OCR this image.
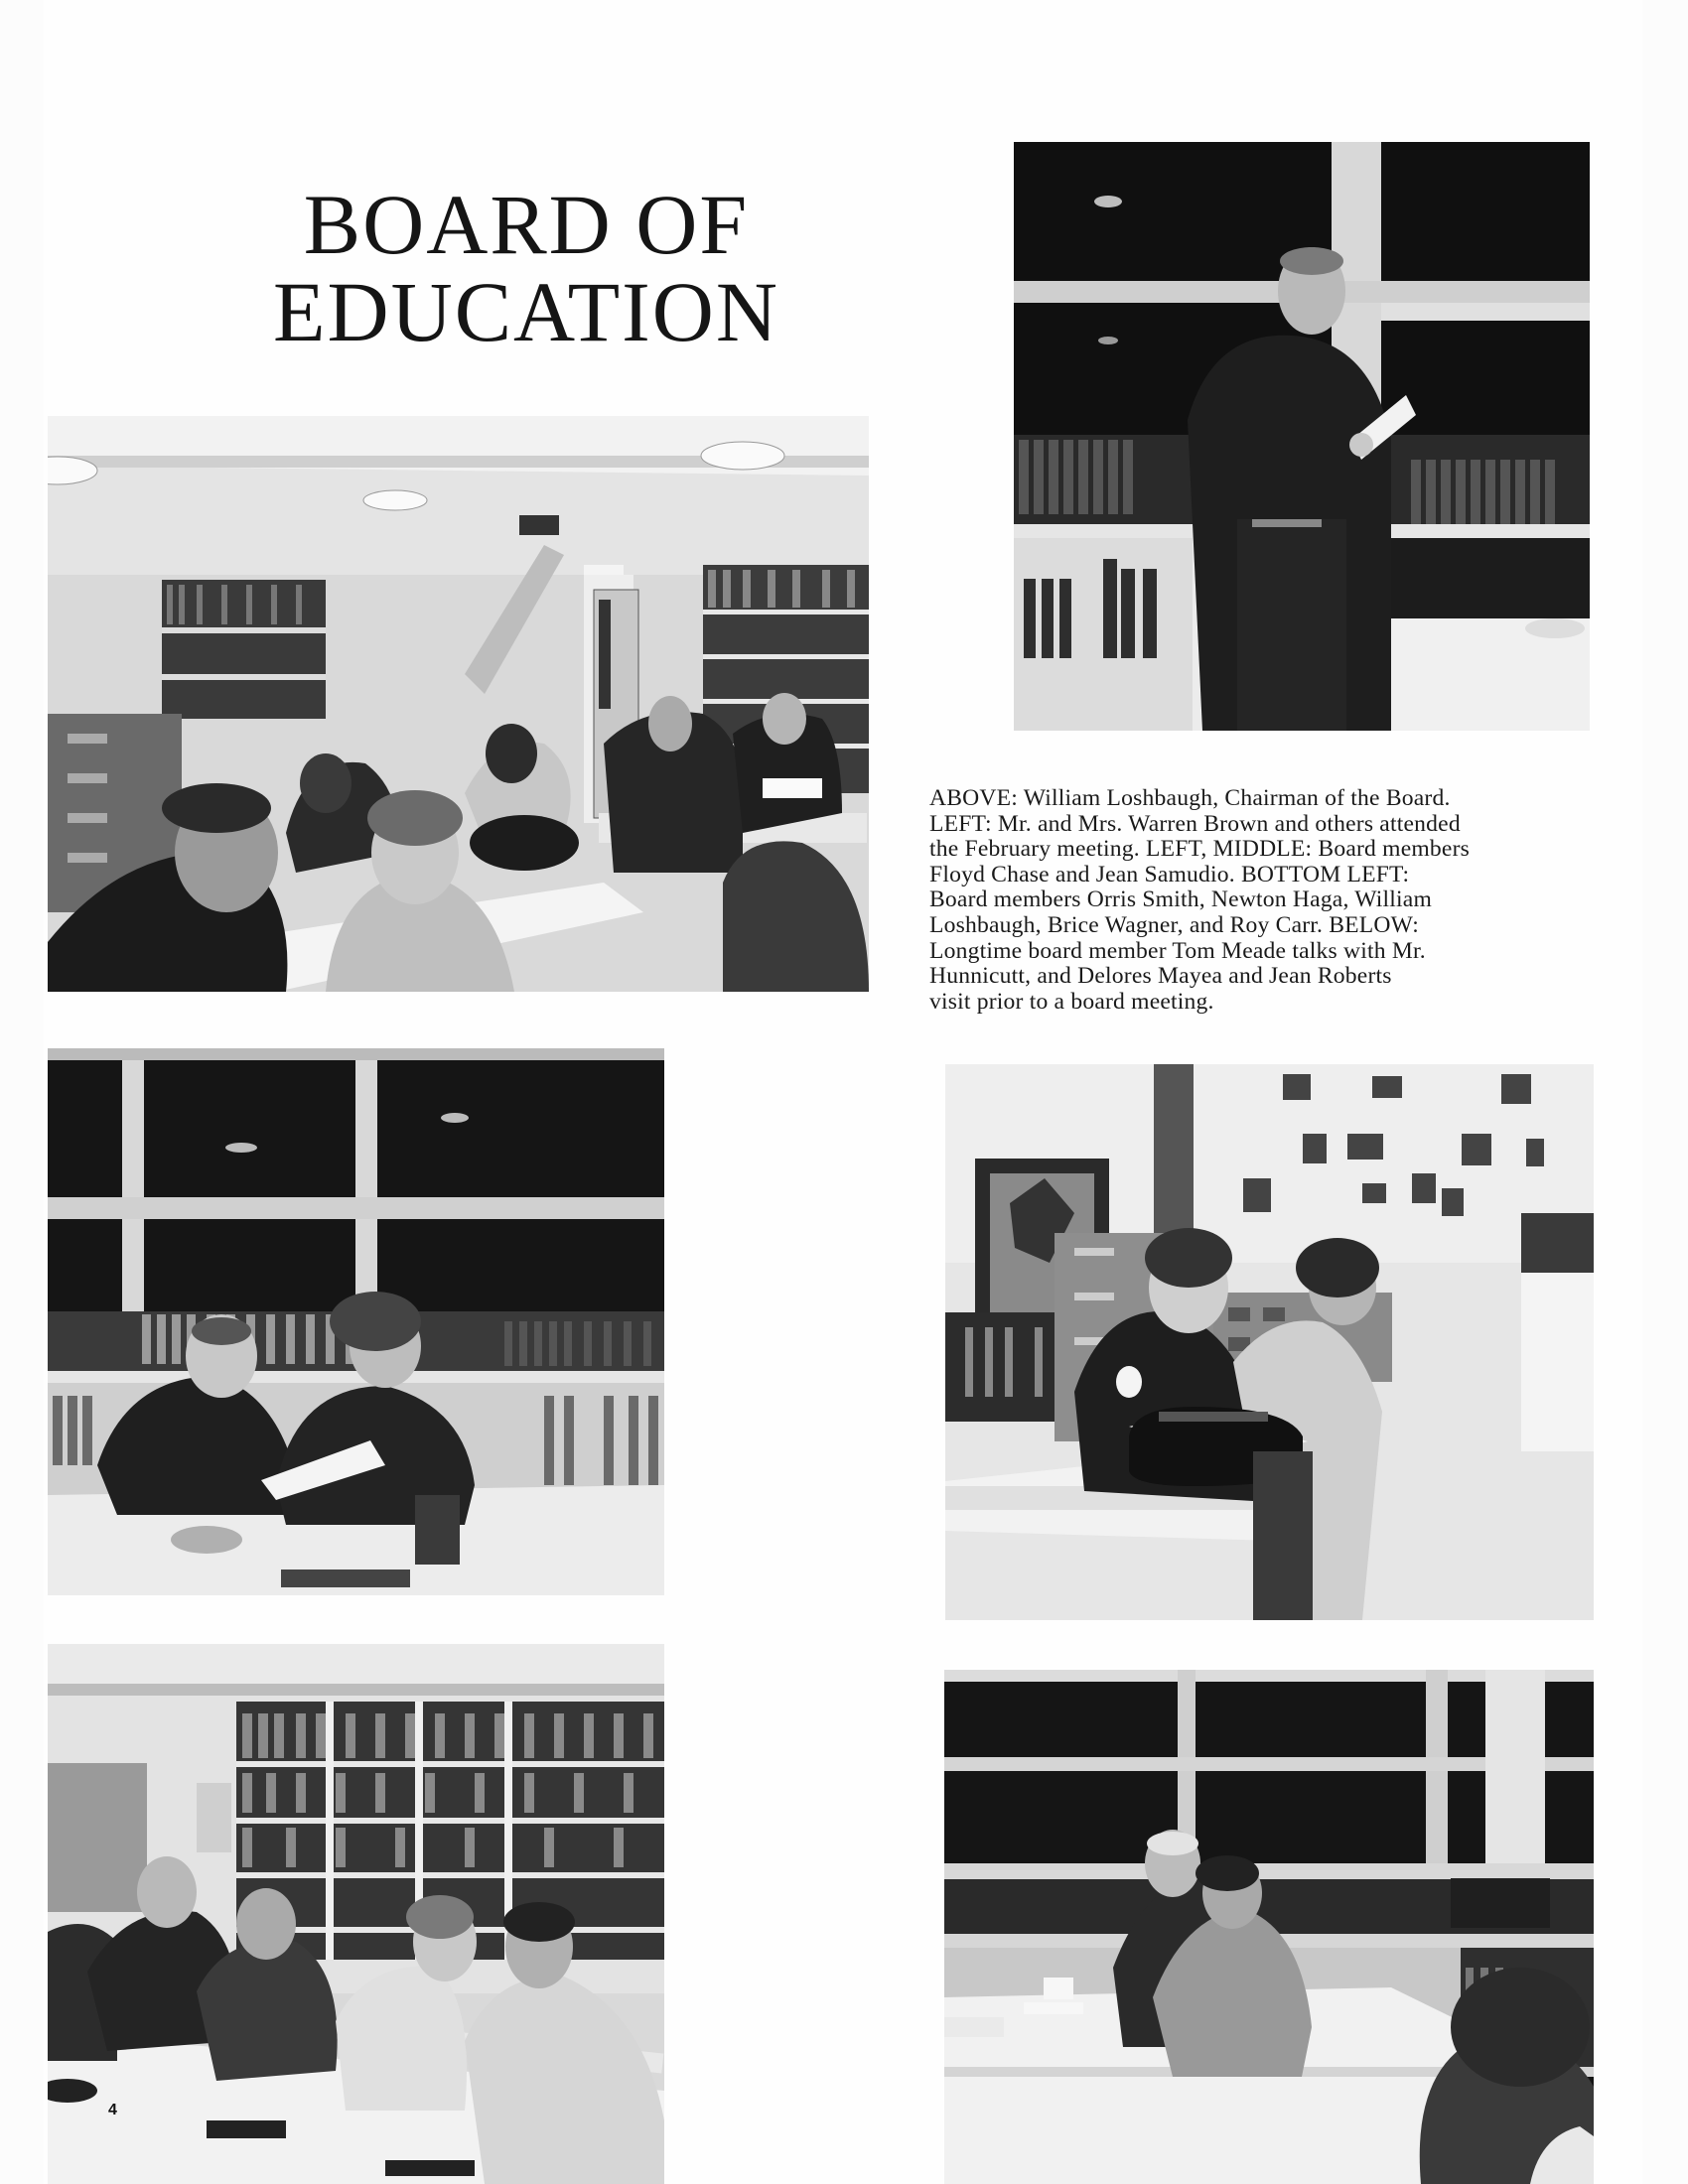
BOARD OF
EDUCATION
ABOVE: William Loshbaugh, Chairman of the Board.
LEFT: Mr. and Mrs. Warren Brown and others attended
the February meeting. LEFT, MIDDLE: Board members
Floyd Chase and Jean Samudio. BOTTOM LEFT:
Board members Orris Smith, Newton Haga, William
Loshbaugh, Brice Wagner, and Roy Carr. BELOW:
Longtime board member Tom Meade talks with Mr.
Hunnicutt, and Delores Mayea and Jean Roberts
visit prior to a board meeting.
4
